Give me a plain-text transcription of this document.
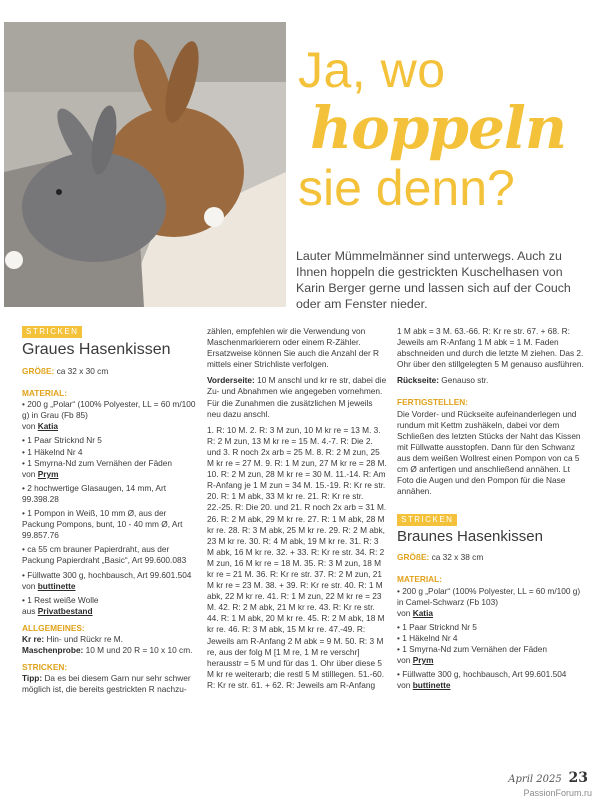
Ja, wo
hoppeln
sie denn?
Lauter Mümmelmänner sind unterwegs. Auch zu Ihnen hoppeln die gestrickten Kuschelhasen von Karin Berger gerne und lassen sich auf der Couch oder am Fenster nieder.
STRICKEN
Graues Hasenkissen
GRÖßE: ca 32 x 30 cm
MATERIAL:
• 200 g „Polar“ (100% Polyester, LL = 60 m/100 g) in Grau (Fb 85)
von Katia
• 1 Paar Stricknd Nr 5
• 1 Häkelnd Nr 4
• 1 Smyrna-Nd zum Vernähen der Fäden
von Prym
• 2 hochwertige Glasaugen, 14 mm, Art 99.398.28
• 1 Pompon in Weiß, 10 mm Ø, aus der Packung Pompons, bunt, 10 - 40 mm Ø, Art 99.857.76
• ca 55 cm brauner Papierdraht, aus der Packung Papierdraht „Basic“, Art 99.600.083
• Füllwatte 300 g, hochbausch, Art 99.601.504
von buttinette
• 1 Rest weiße Wolle
aus Privatbestand
ALLGEMEINES:
Kr re: Hin- und Rückr re M.
Maschenprobe: 10 M und 20 R = 10 x 10 cm.
STRICKEN:
Tipp: Da es bei diesem Garn nur sehr schwer möglich ist, die bereits gestrickten R nachzu-
zählen, empfehlen wir die Verwendung von Maschenmarkierern oder einem R-Zähler. Ersatzweise können Sie auch die Anzahl der R mittels einer Strichliste verfolgen.
Vorderseite: 10 M anschl und kr re str, dabei die Zu- und Abnahmen wie angegeben vornehmen. Für die Zunahmen die zusätzlichen M jeweils neu dazu anschl.
1. R: 10 M. 2. R: 3 M zun, 10 M kr re = 13 M. 3. R: 2 M zun, 13 M kr re = 15 M. 4.-7. R: Die 2. und 3. R noch 2x arb = 25 M. 8. R: 2 M zun, 25 M kr re = 27 M. 9. R: 1 M zun, 27 M kr re = 28 M. 10. R: 2 M zun, 28 M kr re = 30 M. 11.-14. R: Am R-Anfang je 1 M zun = 34 M. 15.-19. R: Kr re str. 20. R: 1 M abk, 33 M kr re. 21. R: Kr re str. 22.-25. R: Die 20. und 21. R noch 2x arb = 31 M. 26. R: 2 M abk, 29 M kr re. 27. R: 1 M abk, 28 M kr re. 28. R: 3 M abk, 25 M kr re. 29. R: 2 M abk, 23 M kr re. 30. R: 4 M abk, 19 M kr re. 31. R: 3 M abk, 16 M kr re. 32. + 33. R: Kr re str. 34. R: 2 M zun, 16 M kr re = 18 M. 35. R: 3 M zun, 18 M kr re = 21 M. 36. R: Kr re str. 37. R: 2 M zun, 21 M kr re = 23 M. 38. + 39. R: Kr re str. 40. R: 1 M abk, 22 M kr re. 41. R: 1 M zun, 22 M kr re = 23 M. 42. R: 2 M abk, 21 M kr re. 43. R: Kr re str. 44. R: 1 M abk, 20 M kr re. 45. R: 2 M abk, 18 M kr re. 46. R: 3 M abk, 15 M kr re. 47.-49. R: Jeweils am R-Anfang 2 M abk = 9 M. 50. R: 3 M re, aus der folg M [1 M re, 1 M re verschr] herausstr = 5 M und für das 1. Ohr über diese 5 M kr re weiterarb; die restl 5 M stilllegen. 51.-60. R: Kr re str. 61. + 62. R: Jeweils am R-Anfang
1 M abk = 3 M. 63.-66. R: Kr re str. 67. + 68. R: Jeweils am R-Anfang 1 M abk = 1 M. Faden abschneiden und durch die letzte M ziehen. Das 2. Ohr über den stillgelegten 5 M genauso ausführen.
Rückseite: Genauso str.
FERTIGSTELLEN:
Die Vorder- und Rückseite aufeinanderlegen und rundum mit Kettm zushäkeln, dabei vor dem Schließen des letzten Stücks der Naht das Kissen mit Füllwatte ausstopfen. Dann für den Schwanz aus dem weißen Wollrest einen Pompon von ca 5 cm Ø anfertigen und anschließend annähen. Lt Foto die Augen und den Pompon für die Nase annähen.
STRICKEN
Braunes Hasenkissen
GRÖßE: ca 32 x 38 cm
MATERIAL:
• 200 g „Polar“ (100% Polyester, LL = 60 m/100 g) in Camel-Schwarz (Fb 103)
von Katia
• 1 Paar Stricknd Nr 5
• 1 Häkelnd Nr 4
• 1 Smyrna-Nd zum Vernähen der Fäden
von Prym
• Füllwatte 300 g, hochbausch, Art 99.601.504
von buttinette
April 2025 23
PassionForum.ru
